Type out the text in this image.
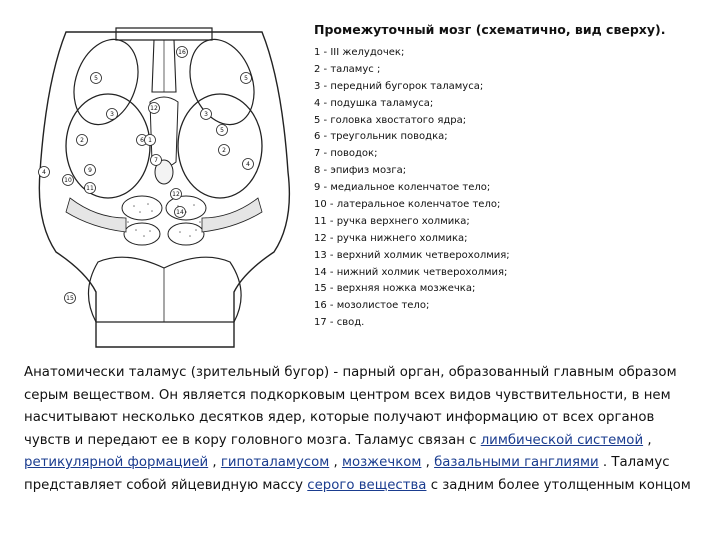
16
5	5
3
12
3
6
7
5
2
2
4	9
4
10
11
1
12
14
15
Промежуточный мозг (схематично, вид сверху).
1 - III желудочек;
2 - таламус ;
3 - передний бугорок таламуса;
4 - подушка таламуса;
5 - головка хвостатого ядра;
6 - треугольник поводка;
7 - поводок;
8 - эпифиз мозга;
9 - медиальное коленчатое тело;
10 - латеральное коленчатое тело;
11 - ручка верхнего холмика;
12 - ручка нижнего холмика;
13 - верхний холмик четверохолмия;
14 - нижний холмик четверохолмия;
15 - верхняя ножка мозжечка;
16 - мозолистое тело;
17 - свод.
Анатомически таламус (зрительный бугор) - парный орган, образованный главным образом серым веществом. Он является подкорковым центром всех видов чувствительности, в нем насчитывают несколько десятков ядер, которые получают информацию от всех органов чувств и передают ее в кору головного мозга. Таламус связан с лимбической системой , ретикулярной формацией , гипоталамусом , мозжечком , базальными ганглиями . Таламус представляет собой яйцевидную массу серого вещества с задним более утолщенным концом
